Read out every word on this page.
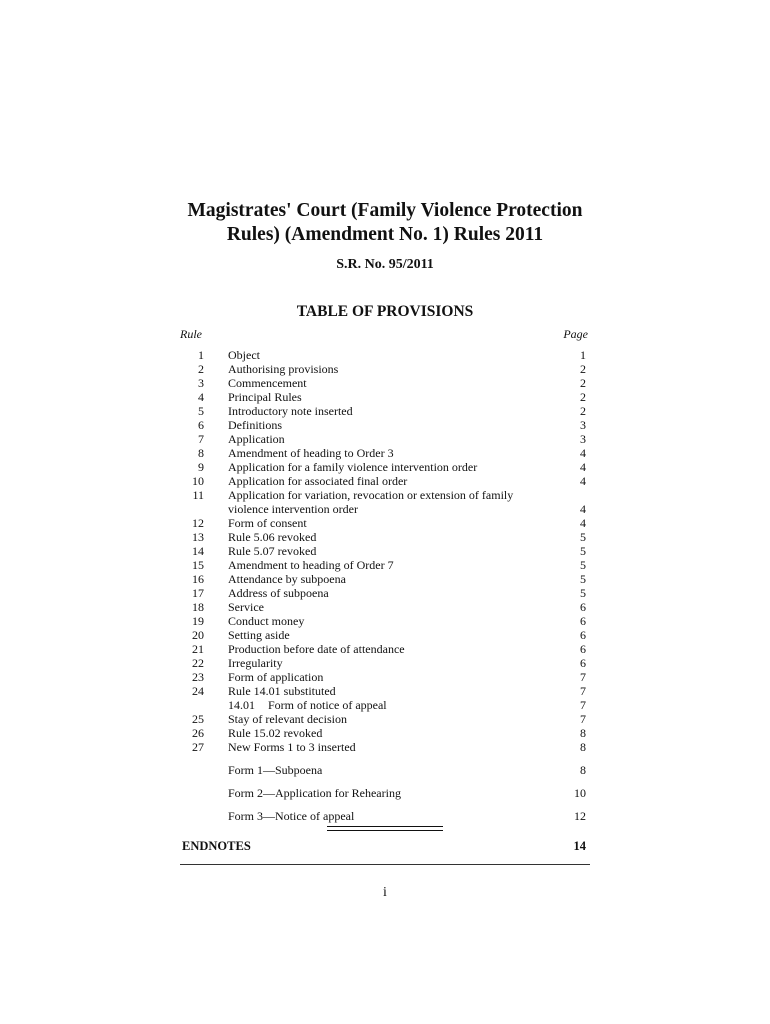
Magistrates' Court (Family Violence Protection
Rules) (Amendment No. 1) Rules 2011
S.R. No. 95/2011
TABLE OF PROVISIONS
Rule	Page
1 Object	1
2 Authorising provisions	2
3 Commencement	2
4 Principal Rules	2
5 Introductory note inserted	2
6 Definitions	3
7 Application	3
8 Amendment of heading to Order 3	4
9 Application for a family violence intervention order	4
10 Application for associated final order	4
11 Application for variation, revocation or extension of family
violence intervention order	4
12 Form of consent	4
13 Rule 5.06 revoked	5
14 Rule 5.07 revoked	5
15 Amendment to heading of Order 7	5
16 Attendance by subpoena	5
17 Address of subpoena	5
18 Service	6
19 Conduct money	6
20 Setting aside	6
21 Production before date of attendance	6
22 Irregularity	6
23 Form of application	7
24 Rule 14.01 substituted	7
14.01 Form of notice of appeal	7
25 Stay of relevant decision	7
26 Rule 15.02 revoked	8
27 New Forms 1 to 3 inserted	8
Form 1—Subpoena	8
Form 2—Application for Rehearing	10
Form 3—Notice of appeal	12
ENDNOTES	14
i
